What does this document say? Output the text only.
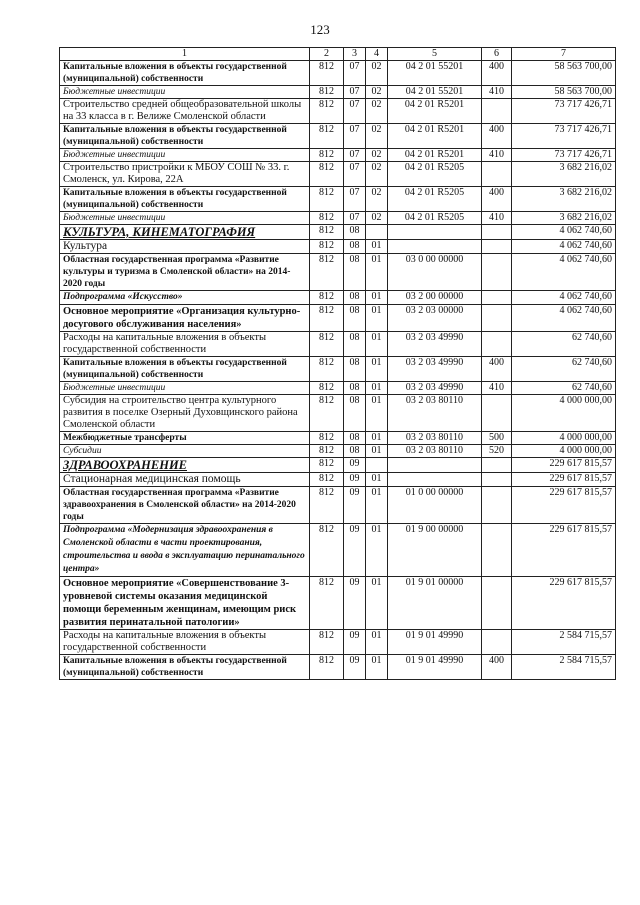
123
1	2	3	4	5	6	7
Капитальные вложения в объекты государственной (муниципальной) собственности	812	07	02	04 2 01 55201	400	58 563 700,00
Бюджетные инвестиции	812	07	02	04 2 01 55201	410	58 563 700,00
Строительство средней общеобразовательной школы на 33 класса в г. Велиже Смоленской области	812	07	02	04 2 01 R5201		73 717 426,71
Капитальные вложения в объекты государственной (муниципальной) собственности	812	07	02	04 2 01 R5201	400	73 717 426,71
Бюджетные инвестиции	812	07	02	04 2 01 R5201	410	73 717 426,71
Строительство пристройки к МБОУ СОШ № 33. г. Смоленск, ул. Кирова, 22А	812	07	02	04 2 01 R5205		3 682 216,02
Капитальные вложения в объекты государственной (муниципальной) собственности	812	07	02	04 2 01 R5205	400	3 682 216,02
Бюджетные инвестиции	812	07	02	04 2 01 R5205	410	3 682 216,02
КУЛЬТУРА, КИНЕМАТОГРАФИЯ	812	08				4 062 740,60
Культура	812	08	01			4 062 740,60
Областная государственная программа «Развитие культуры и туризма в Смоленской области» на 2014-2020 годы	812	08	01	03 0 00 00000		4 062 740,60
Подпрограмма «Искусство»	812	08	01	03 2 00 00000		4 062 740,60
Основное мероприятие «Организация культурно-досугового обслуживания населения»	812	08	01	03 2 03 00000		4 062 740,60
Расходы на капитальные вложения в объекты государственной собственности	812	08	01	03 2 03 49990		62 740,60
Капитальные вложения в объекты государственной (муниципальной) собственности	812	08	01	03 2 03 49990	400	62 740,60
Бюджетные инвестиции	812	08	01	03 2 03 49990	410	62 740,60
Субсидия на строительство центра культурного развития в поселке Озерный Духовщинского района Смоленской области	812	08	01	03 2 03 80110		4 000 000,00
Межбюджетные трансферты	812	08	01	03 2 03 80110	500	4 000 000,00
Субсидии	812	08	01	03 2 03 80110	520	4 000 000,00
ЗДРАВООХРАНЕНИЕ	812	09				229 617 815,57
Стационарная медицинская помощь	812	09	01			229 617 815,57
Областная государственная программа «Развитие здравоохранения в Смоленской области» на 2014-2020 годы	812	09	01	01 0 00 00000		229 617 815,57
Подпрограмма «Модернизация здравоохранения в Смоленской области в части проектирования, строительства и ввода в эксплуатацию перинатального центра»	812	09	01	01 9 00 00000		229 617 815,57
Основное мероприятие «Совершенствование 3-уровневой системы оказания медицинской помощи беременным женщинам, имеющим риск развития перинатальной патологии»	812	09	01	01 9 01 00000		229 617 815,57
Расходы на капитальные вложения в объекты государственной собственности	812	09	01	01 9 01 49990		2 584 715,57
Капитальные вложения в объекты государственной (муниципальной) собственности	812	09	01	01 9 01 49990	400	2 584 715,57
